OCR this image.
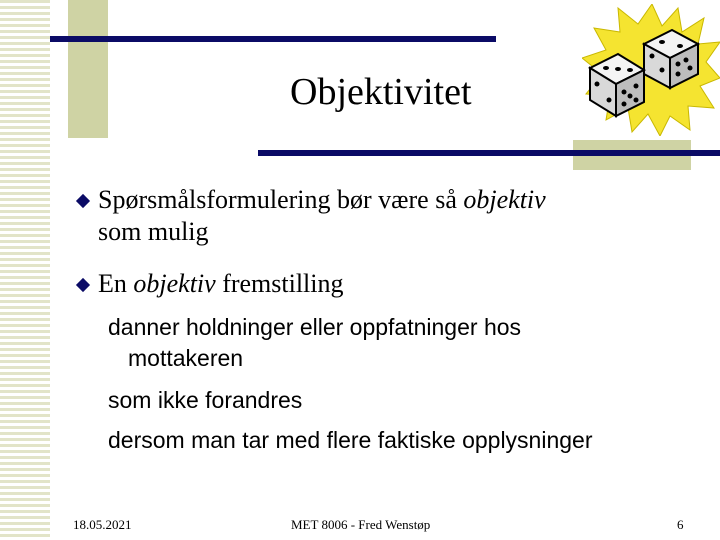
Objektivitet
Spørsmålsformulering bør være så objektiv
som mulig
En objektiv fremstilling
danner holdninger eller oppfatninger hos
mottakeren
som ikke forandres
dersom man tar med flere faktiske opplysninger
18.05.2021	MET 8006 - Fred Wenstøp	6
